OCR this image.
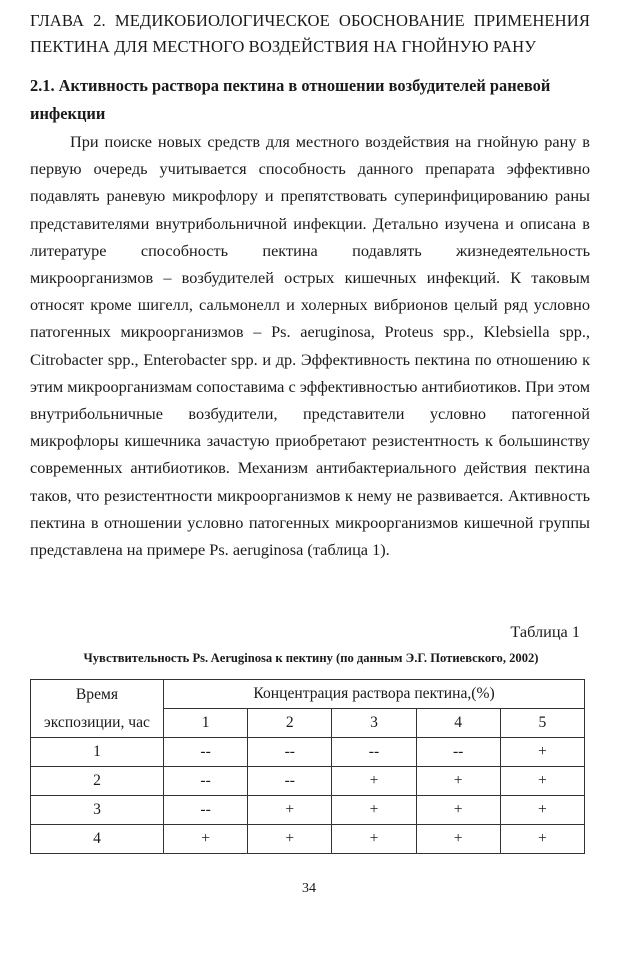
ГЛАВА 2. МЕДИКОБИОЛОГИЧЕСКОЕ ОБОСНОВАНИЕ ПРИМЕНЕНИЯ ПЕКТИНА ДЛЯ МЕСТНОГО ВОЗДЕЙСТВИЯ НА ГНОЙНУЮ РАНУ
2.1. Активность раствора пектина в отношении возбудителей раневой инфекции
При поиске новых средств для местного воздействия на гнойную рану в первую очередь учитывается способность данного препарата эффективно подавлять раневую микрофлору и препятствовать суперинфицированию раны представителями внутрибольничной инфекции. Детально изучена и описана в литературе способность пектина подавлять жизнедеятельность микроорганизмов – возбудителей острых кишечных инфекций. К таковым относят кроме шигелл, сальмонелл и холерных вибрионов целый ряд условно патогенных микроорганизмов – Ps. aeruginosa, Proteus spp., Klebsiella spp., Citrobacter spp., Enterobacter spp. и др. Эффективность пектина по отношению к этим микроорганизмам сопоставима с эффективностью антибиотиков. При этом внутрибольничные возбудители, представители условно патогенной микрофлоры кишечника зачастую приобретают резистентность к большинству современных антибиотиков. Механизм антибактериального действия пектина таков, что резистентности микроорганизмов к нему не развивается. Активность пектина в отношении условно патогенных микроорганизмов кишечной группы представлена на примере Ps. aeruginosa (таблица 1).
Таблица 1
Чувствительность Ps. Aeruginosa к пектину (по данным Э.Г. Потиевского, 2002)
Время
экспозиции, час	Концентрация раствора пектина,(%)				
	1	2	3	4	5
1	--	--	--	--	+
2	--	--	+	+	+
3	--	+	+	+	+
4	+	+	+	+	+
34
